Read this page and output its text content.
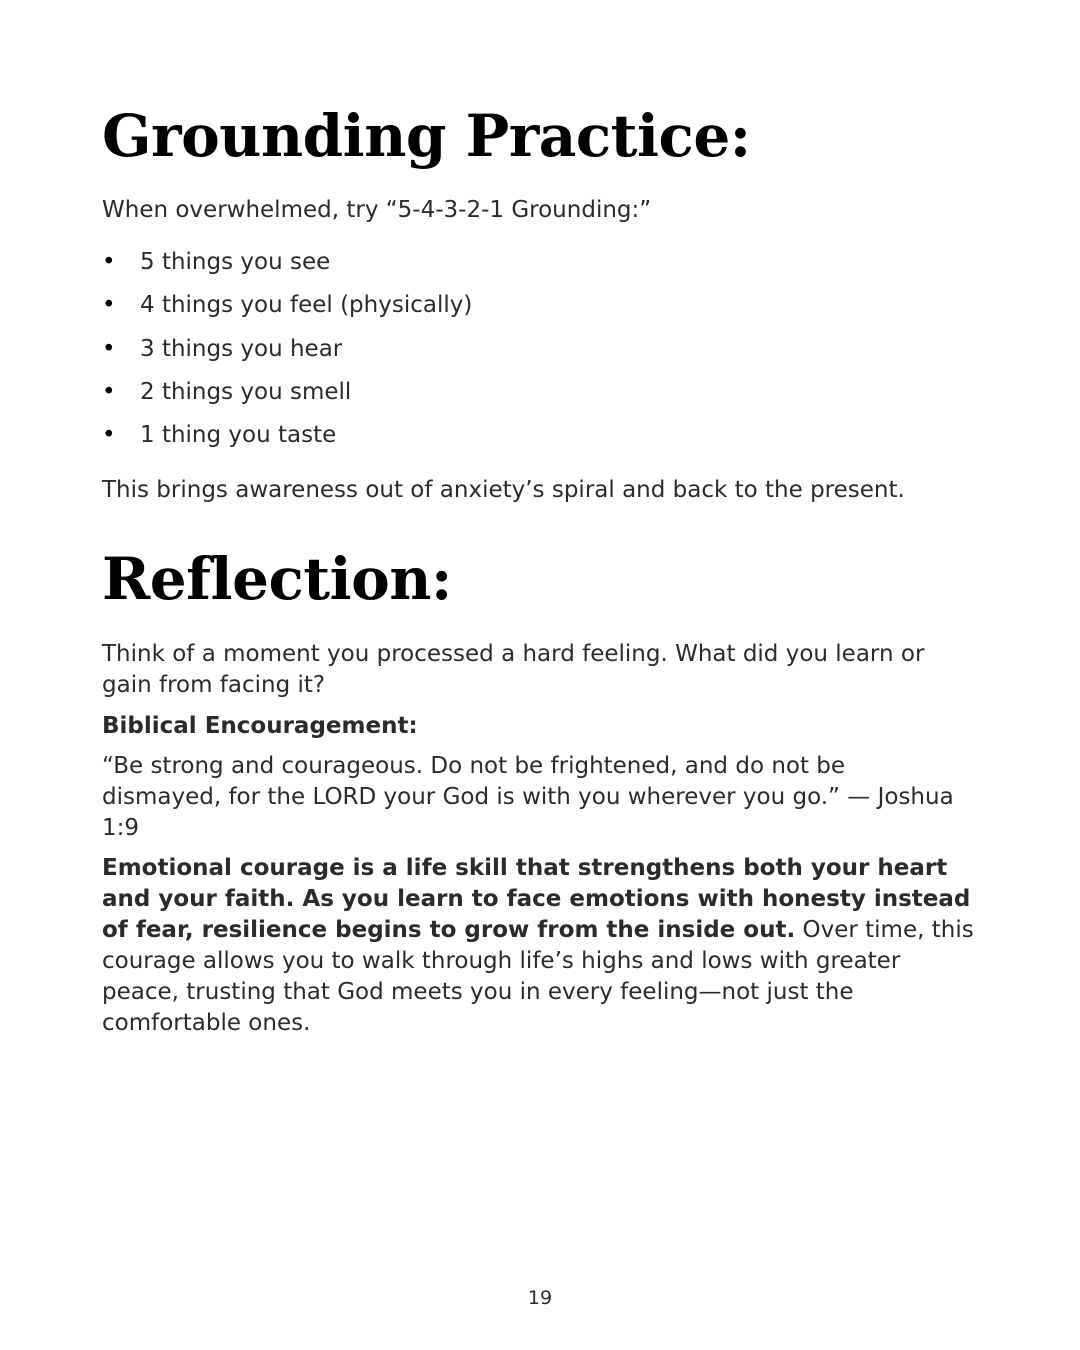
Grounding Practice:

When overwhelmed, try “5-4-3-2-1 Grounding:”

• 5 things you see
• 4 things you feel (physically)
• 3 things you hear
• 2 things you smell
• 1 thing you taste

This brings awareness out of anxiety’s spiral and back to the present.

Reflection:

Think of a moment you processed a hard feeling. What did you learn or gain from facing it?

Biblical Encouragement:

“Be strong and courageous. Do not be frightened, and do not be dismayed, for the LORD your God is with you wherever you go.” — Joshua 1:9

Emotional courage is a life skill that strengthens both your heart and your faith. As you learn to face emotions with honesty instead of fear, resilience begins to grow from the inside out. Over time, this courage allows you to walk through life’s highs and lows with greater peace, trusting that God meets you in every feeling—not just the comfortable ones.

19
